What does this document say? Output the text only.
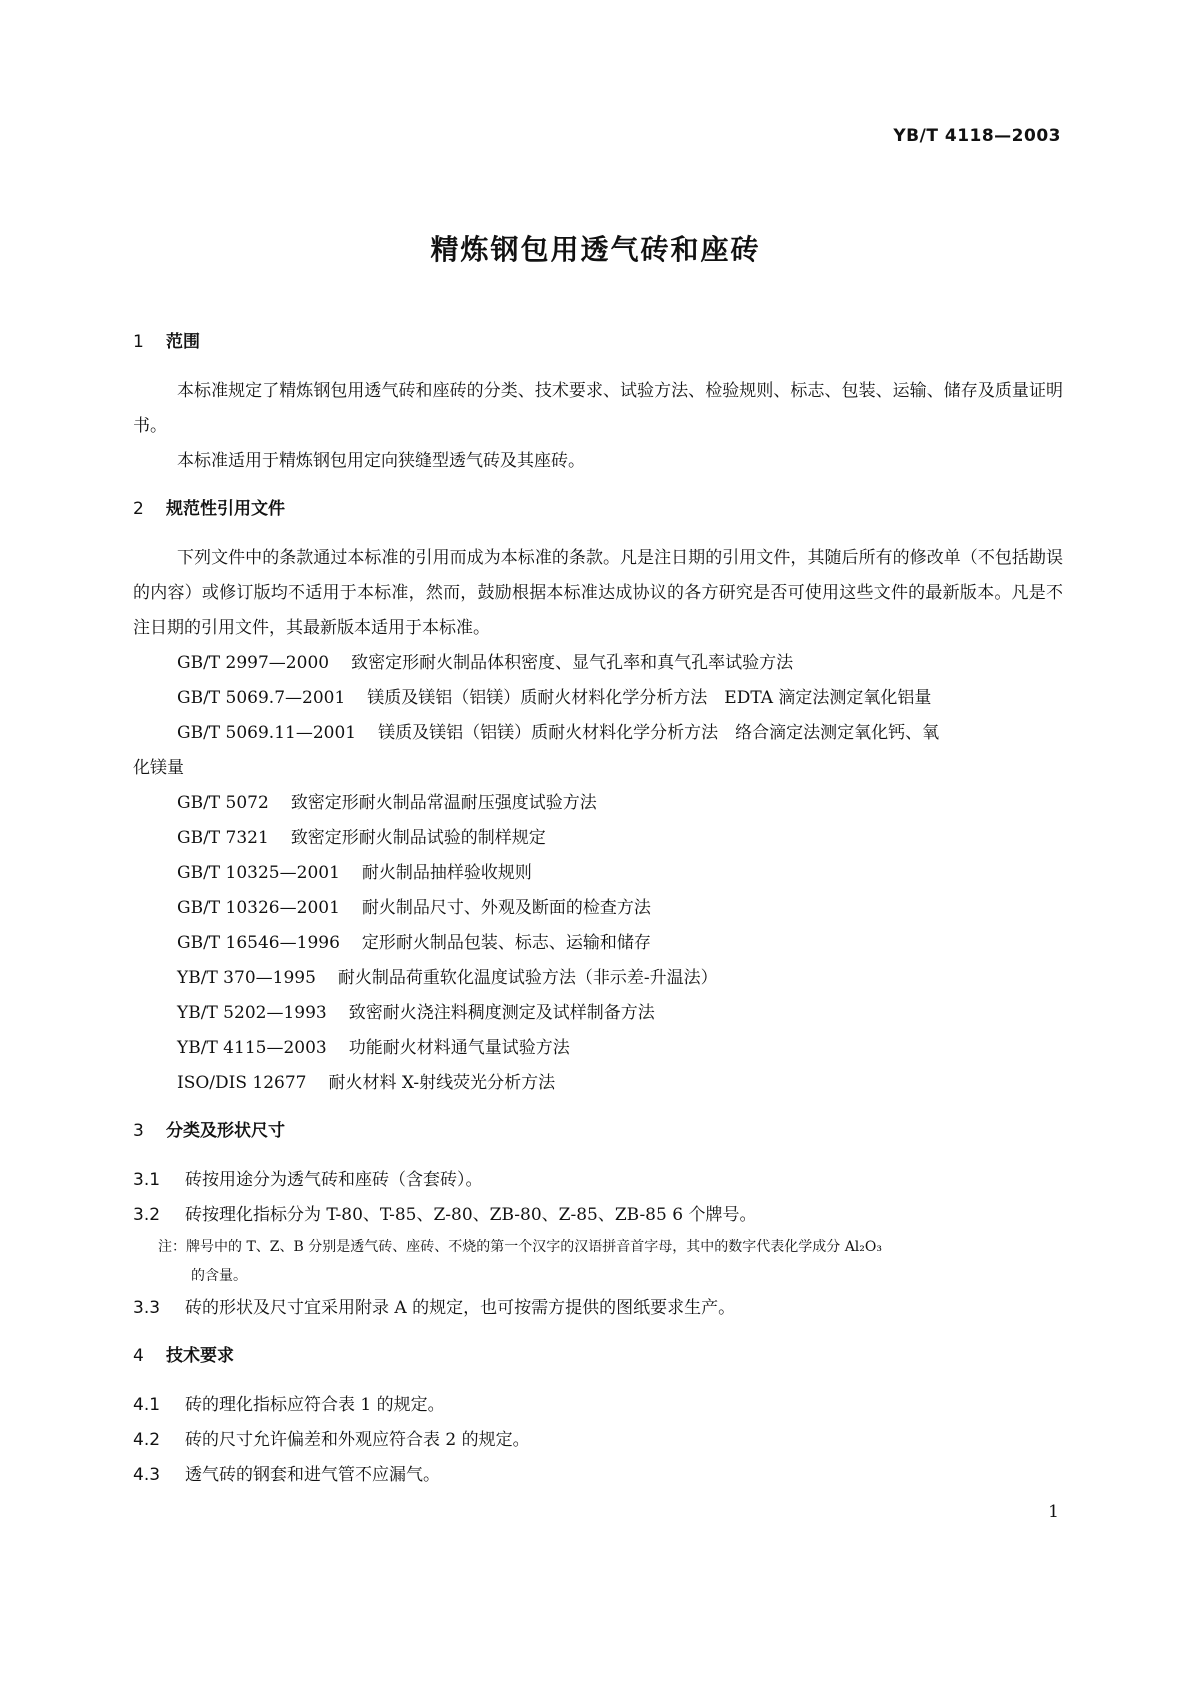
YB/T 4118—2003
精炼钢包用透气砖和座砖
1 范围
本标准规定了精炼钢包用透气砖和座砖的分类、技术要求、试验方法、检验规则、标志、包装、运输、储存及质量证明书。
本标准适用于精炼钢包用定向狭缝型透气砖及其座砖。
2 规范性引用文件
下列文件中的条款通过本标准的引用而成为本标准的条款。凡是注日期的引用文件，其随后所有的修改单（不包括勘误的内容）或修订版均不适用于本标准，然而，鼓励根据本标准达成协议的各方研究是否可使用这些文件的最新版本。凡是不注日期的引用文件，其最新版本适用于本标准。
GB/T 2997—2000 致密定形耐火制品体积密度、显气孔率和真气孔率试验方法
GB/T 5069.7—2001 镁质及镁铝（铝镁）质耐火材料化学分析方法　EDTA 滴定法测定氧化铝量
GB/T 5069.11—2001 镁质及镁铝（铝镁）质耐火材料化学分析方法　络合滴定法测定氧化钙、氧
化镁量
GB/T 5072 致密定形耐火制品常温耐压强度试验方法
GB/T 7321 致密定形耐火制品试验的制样规定
GB/T 10325—2001 耐火制品抽样验收规则
GB/T 10326—2001 耐火制品尺寸、外观及断面的检查方法
GB/T 16546—1996 定形耐火制品包装、标志、运输和储存
YB/T 370—1995 耐火制品荷重软化温度试验方法（非示差-升温法）
YB/T 5202—1993 致密耐火浇注料稠度测定及试样制备方法
YB/T 4115—2003 功能耐火材料通气量试验方法
ISO/DIS 12677 耐火材料 X-射线荧光分析方法
3 分类及形状尺寸
3.1 砖按用途分为透气砖和座砖（含套砖）。
3.2 砖按理化指标分为 T-80、T-85、Z-80、ZB-80、Z-85、ZB-85 6 个牌号。
注：牌号中的 T、Z、B 分别是透气砖、座砖、不烧的第一个汉字的汉语拼音首字母，其中的数字代表化学成分 Al₂O₃
的含量。
3.3 砖的形状及尺寸宜采用附录 A 的规定，也可按需方提供的图纸要求生产。
4 技术要求
4.1 砖的理化指标应符合表 1 的规定。
4.2 砖的尺寸允许偏差和外观应符合表 2 的规定。
4.3 透气砖的钢套和进气管不应漏气。
1
